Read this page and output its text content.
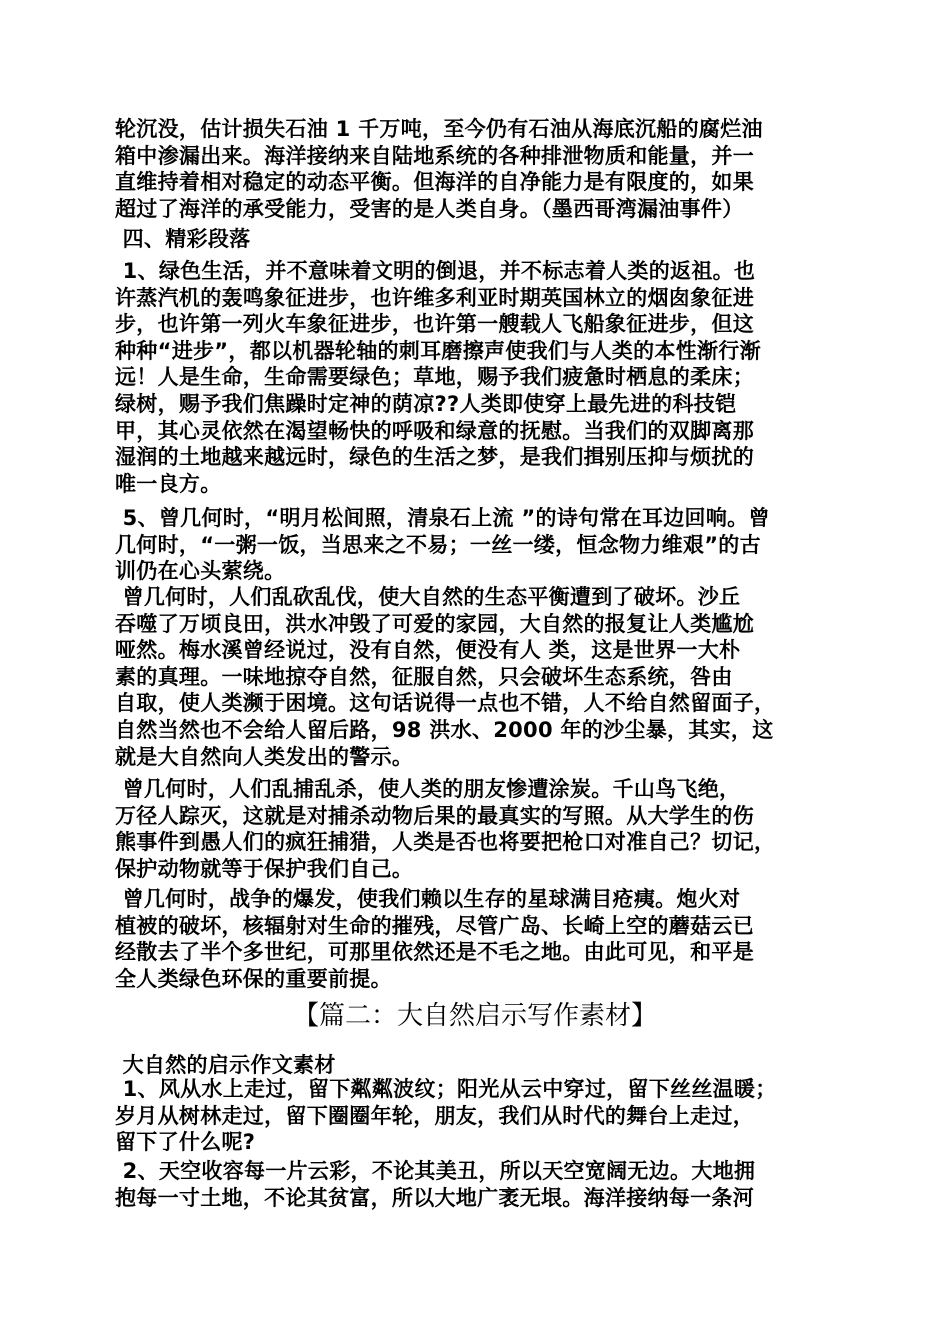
轮沉没，估计损失石油 1 千万吨，至今仍有石油从海底沉船的腐烂油
箱中渗漏出来。海洋接纳来自陆地系统的各种排泄物质和能量，并一
直维持着相对稳定的动态平衡。但海洋的自净能力是有限度的，如果
超过了海洋的承受能力，受害的是人类自身。（墨西哥湾漏油事件）
四、精彩段落
1、绿色生活，并不意味着文明的倒退，并不标志着人类的返祖。也
许蒸汽机的轰鸣象征进步，也许维多利亚时期英国林立的烟囱象征进
步，也许第一列火车象征进步，也许第一艘载人飞船象征进步，但这
种种“进步”，都以机器轮轴的刺耳磨擦声使我们与人类的本性渐行渐
远！人是生命，生命需要绿色；草地，赐予我们疲惫时栖息的柔床；
绿树，赐予我们焦躁时定神的荫凉??人类即使穿上最先进的科技铠
甲，其心灵依然在渴望畅快的呼吸和绿意的抚慰。当我们的双脚离那
湿润的土地越来越远时，绿色的生活之梦，是我们揖别压抑与烦扰的
唯一良方。
5、曾几何时，“明月松间照，清泉石上流 ”的诗句常在耳边回响。曾
几何时，“一粥一饭，当思来之不易；一丝一缕，恒念物力维艰”的古
训仍在心头萦绕。
曾几何时，人们乱砍乱伐，使大自然的生态平衡遭到了破坏。沙丘
吞噬了万顷良田，洪水冲毁了可爱的家园，大自然的报复让人类尴尬
哑然。梅水溪曾经说过，没有自然，便没有人 类，这是世界一大朴
素的真理。一味地掠夺自然，征服自然，只会破坏生态系统，咎由
自取，使人类濒于困境。这句话说得一点也不错，人不给自然留面子，
自然当然也不会给人留后路，98 洪水、2000 年的沙尘暴，其实，这
就是大自然向人类发出的警示。
曾几何时，人们乱捕乱杀，使人类的朋友惨遭涂炭。千山鸟飞绝，
万径人踪灭，这就是对捕杀动物后果的最真实的写照。从大学生的伤
熊事件到愚人们的疯狂捕猎，人类是否也将要把枪口对准自己？切记，
保护动物就等于保护我们自己。
曾几何时，战争的爆发，使我们赖以生存的星球满目疮痍。炮火对
植被的破坏，核辐射对生命的摧残，尽管广岛、长崎上空的蘑菇云已
经散去了半个多世纪，可那里依然还是不毛之地。由此可见，和平是
全人类绿色环保的重要前提。
【篇二：大自然启示写作素材】
大自然的启示作文素材
1、风从水上走过，留下粼粼波纹；阳光从云中穿过，留下丝丝温暖；
岁月从树林走过，留下圈圈年轮，朋友，我们从时代的舞台上走过，
留下了什么呢?
2、天空收容每一片云彩，不论其美丑，所以天空宽阔无边。大地拥
抱每一寸土地，不论其贫富，所以大地广袤无垠。海洋接纳每一条河
